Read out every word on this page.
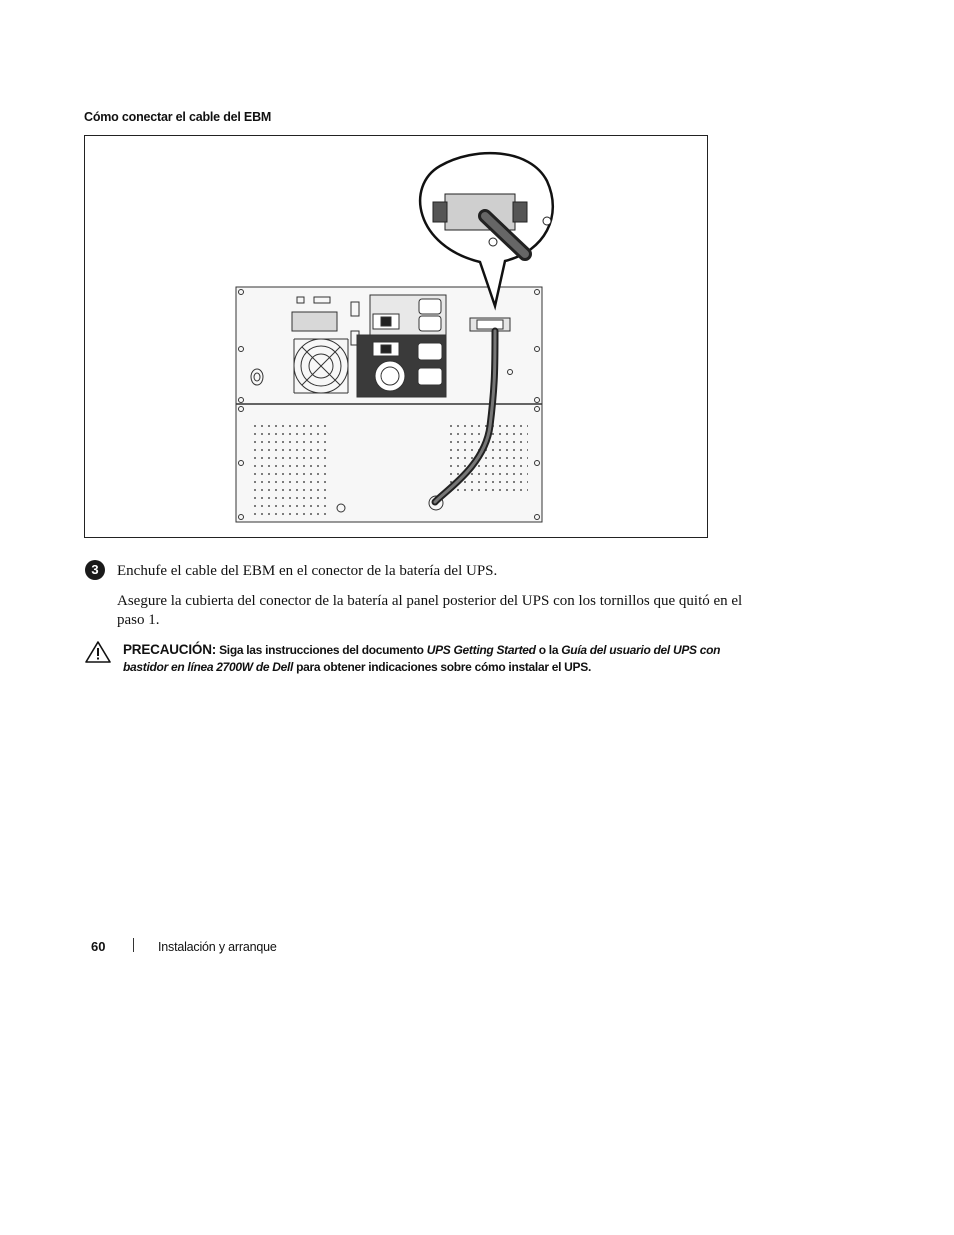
Cómo conectar el cable del EBM
3	Enchufe el cable del EBM en el conector de la batería del UPS.
Asegure la cubierta del conector de la batería al panel posterior del UPS con los tornillos que quitó en el paso 1.
PRECAUCIÓN: Siga las instrucciones del documento UPS Getting Started o la Guía del usuario del UPS con bastidor en línea 2700W de Dell para obtener indicaciones sobre cómo instalar el UPS.
60	Instalación y arranque
